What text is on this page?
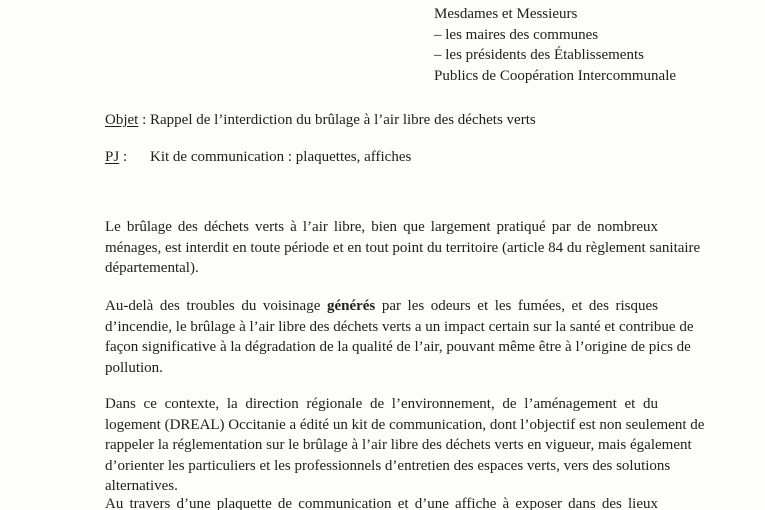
Mesdames et Messieurs
– les maires des communes
– les présidents des Établissements
Publics de Coopération Intercommunale
Objet : Rappel de l’interdiction du brûlage à l’air libre des déchets verts
PJ : Kit de communication : plaquettes, affiches
Le brûlage des déchets verts à l’air libre, bien que largement pratiqué par de nombreux
ménages, est interdit en toute période et en tout point du territoire (article 84 du règlement sanitaire
départemental).
Au-delà des troubles du voisinage générés par les odeurs et les fumées, et des risques
d’incendie, le brûlage à l’air libre des déchets verts a un impact certain sur la santé et contribue de
façon significative à la dégradation de la qualité de l’air, pouvant même être à l’origine de pics de
pollution.
Dans ce contexte, la direction régionale de l’environnement, de l’aménagement et du
logement (DREAL) Occitanie a édité un kit de communication, dont l’objectif est non seulement de
rappeler la réglementation sur le brûlage à l’air libre des déchets verts en vigueur, mais également
d’orienter les particuliers et les professionnels d’entretien des espaces verts, vers des solutions
alternatives.
Au travers d’une plaquette de communication et d’une affiche à exposer dans des lieux
